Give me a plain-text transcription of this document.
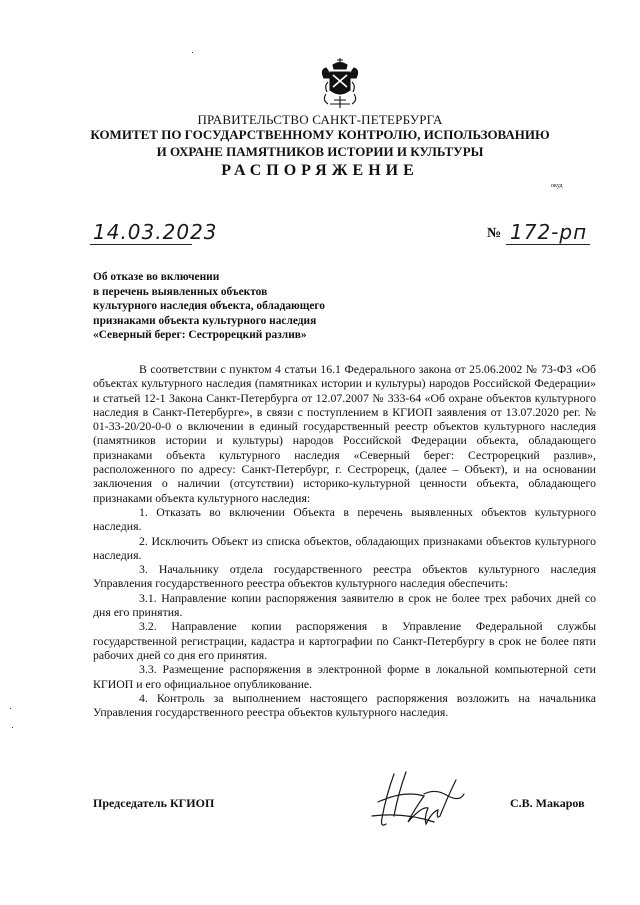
ПРАВИТЕЛЬСТВО САНКТ-ПЕТЕРБУРГА
КОМИТЕТ ПО ГОСУДАРСТВЕННОМУ КОНТРОЛЮ, ИСПОЛЬЗОВАНИЮ
И ОХРАНЕ ПАМЯТНИКОВ ИСТОРИИ И КУЛЬТУРЫ
РАСПОРЯЖЕНИЕ
окуд
14.03.2023	№ 172-рп
Об отказе во включении
в перечень выявленных объектов
культурного наследия объекта, обладающего
признаками объекта культурного наследия
«Северный берег: Сестрорецкий разлив»

В соответствии с пунктом 4 статьи 16.1 Федерального закона от 25.06.2002 № 73-ФЗ «Об объектах культурного наследия (памятниках истории и культуры) народов Российской Федерации» и статьей 12-1 Закона Санкт-Петербурга от 12.07.2007 № 333-64 «Об охране объектов культурного наследия в Санкт-Петербурге», в связи с поступлением в КГИОП заявления от 13.07.2020 рег. № 01-33-20/20-0-0 о включении в единый государственный реестр объектов культурного наследия (памятников истории и культуры) народов Российской Федерации объекта, обладающего признаками объекта культурного наследия «Северный берег: Сестрорецкий разлив», расположенного по адресу: Санкт-Петербург, г. Сестрорецк, (далее – Объект), и на основании заключения о наличии (отсутствии) историко-культурной ценности объекта, обладающего признаками объекта культурного наследия:

1. Отказать во включении Объекта в перечень выявленных объектов культурного наследия.

2. Исключить Объект из списка объектов, обладающих признаками объектов культурного наследия.

3. Начальнику отдела государственного реестра объектов культурного наследия Управления государственного реестра объектов культурного наследия обеспечить:

3.1. Направление копии распоряжения заявителю в срок не более трех рабочих дней со дня его принятия.

3.2. Направление копии распоряжения в Управление Федеральной службы государственной регистрации, кадастра и картографии по Санкт-Петербургу в срок не более пяти рабочих дней со дня его принятия.

3.3. Размещение распоряжения в электронной форме в локальной компьютерной сети КГИОП и его официальное опубликование.

4. Контроль за выполнением настоящего распоряжения возложить на начальника Управления государственного реестра объектов культурного наследия.

Председатель КГИОП	С.В. Макаров
